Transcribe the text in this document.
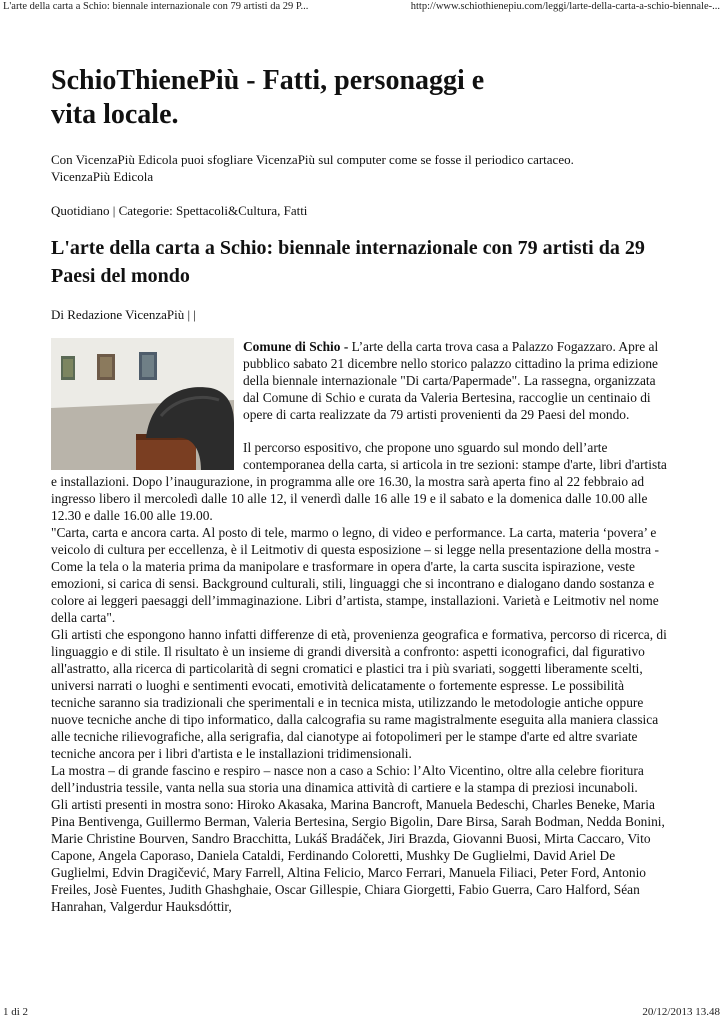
L'arte della carta a Schio: biennale internazionale con 79 artisti da 29 P...	http://www.schiothienepiu.com/leggi/larte-della-carta-a-schio-biennale-...
SchioThienePiù - Fatti, personaggi e vita locale.
Con VicenzaPiù Edicola puoi sfogliare VicenzaPiù sul computer come se fosse il periodico cartaceo.
VicenzaPiù Edicola
Quotidiano | Categorie: Spettacoli&Cultura, Fatti
L'arte della carta a Schio: biennale internazionale con 79 artisti da 29 Paesi del mondo
Di Redazione VicenzaPiù | |

Comune di Schio - L’arte della carta trova casa a Palazzo Fogazzaro. Apre al pubblico sabato 21 dicembre nello storico palazzo cittadino la prima edizione della biennale internazionale "Di carta/Papermade". La rassegna, organizzata dal Comune di Schio e curata da Valeria Bertesina, raccoglie un centinaio di opere di carta realizzate da 79 artisti provenienti da 29 Paesi del mondo.

Il percorso espositivo, che propone uno sguardo sul mondo dell’arte contemporanea della carta, si articola in tre sezioni: stampe d'arte, libri d'artista e installazioni. Dopo l’inaugurazione, in programma alle ore 16.30, la mostra sarà aperta fino al 22 febbraio ad ingresso libero il mercoledì dalle 10 alle 12, il venerdì dalle 16 alle 19 e il sabato e la domenica dalle 10.00 alle 12.30 e dalle 16.00 alle 19.00.

"Carta, carta e ancora carta. Al posto di tele, marmo o legno, di video e performance. La carta, materia ‘povera’ e veicolo di cultura per eccellenza, è il Leitmotiv di questa esposizione – si legge nella presentazione della mostra - Come la tela o la materia prima da manipolare e trasformare in opera d'arte, la carta suscita ispirazione, veste emozioni, si carica di sensi. Background culturali, stili, linguaggi che si incontrano e dialogano dando sostanza e colore ai leggeri paesaggi dell’immaginazione. Libri d’artista, stampe, installazioni. Varietà e Leitmotiv nel nome della carta".

Gli artisti che espongono hanno infatti differenze di età, provenienza geografica e formativa, percorso di ricerca, di linguaggio e di stile. Il risultato è un insieme di grandi diversità a confronto: aspetti iconografici, dal figurativo all'astratto, alla ricerca di particolarità di segni cromatici e plastici tra i più svariati, soggetti liberamente scelti, universi narrati o luoghi e sentimenti evocati, emotività delicatamente o fortemente espresse. Le possibilità tecniche saranno sia tradizionali che sperimentali e in tecnica mista, utilizzando le metodologie antiche oppure nuove tecniche anche di tipo informatico, dalla calcografia su rame magistralmente eseguita alla maniera classica alle tecniche rilievografiche, alla serigrafia, dal cianotype ai fotopolimeri per le stampe d'arte ed altre svariate tecniche ancora per i libri d'artista e le installazioni tridimensionali.

La mostra – di grande fascino e respiro – nasce non a caso a Schio: l’Alto Vicentino, oltre alla celebre fioritura dell’industria tessile, vanta nella sua storia una dinamica attività di cartiere e la stampa di preziosi incunaboli.

Gli artisti presenti in mostra sono: Hiroko Akasaka, Marina Bancroft, Manuela Bedeschi, Charles Beneke, Maria Pina Bentivenga, Guillermo Berman, Valeria Bertesina, Sergio Bigolin, Dare Birsa, Sarah Bodman, Nedda Bonini, Marie Christine Bourven, Sandro Bracchitta, Lukáš Bradáček, Jiri Brazda, Giovanni Buosi, Mirta Caccaro, Vito Capone, Angela Caporaso, Daniela Cataldi, Ferdinando Coloretti, Mushky De Guglielmi, David Ariel De Guglielmi, Edvin Dragičević, Mary Farrell, Altina Felicio, Marco Ferrari, Manuela Filiaci, Peter Ford, Antonio Freiles, Josè Fuentes, Judith Ghashghaie, Oscar Gillespie, Chiara Giorgetti, Fabio Guerra, Caro Halford, Séan Hanrahan, Valgerdur Hauksdóttir,

1 di 2	20/12/2013 13.48
